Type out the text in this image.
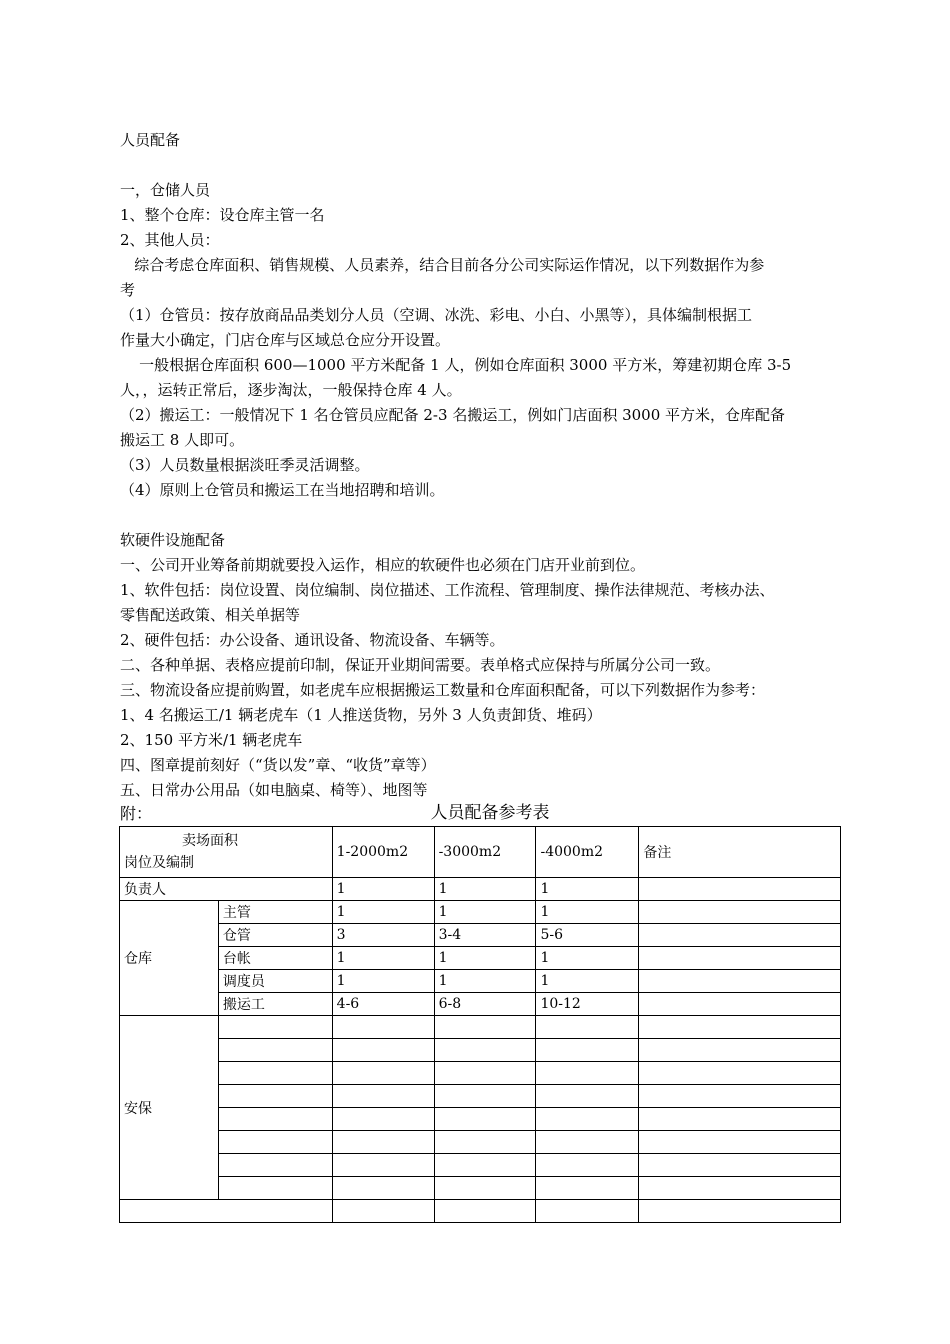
人员配备
一，仓储人员
1、整个仓库：设仓库主管一名
2、其他人员：
综合考虑仓库面积、销售规模、人员素养，结合目前各分公司实际运作情况，以下列数据作为参
考
（1）仓管员：按存放商品品类划分人员（空调、冰洗、彩电、小白、小黑等），具体编制根据工
作量大小确定，门店仓库与区域总仓应分开设置。
一般根据仓库面积 600—1000 平方米配备 1 人，例如仓库面积 3000 平方米，筹建初期仓库 3-5
人，，运转正常后，逐步淘汰，一般保持仓库 4 人。
（2）搬运工：一般情况下 1 名仓管员应配备 2-3 名搬运工，例如门店面积 3000 平方米，仓库配备
搬运工 8 人即可。
（3）人员数量根据淡旺季灵活调整。
（4）原则上仓管员和搬运工在当地招聘和培训。
软硬件设施配备
一、公司开业筹备前期就要投入运作，相应的软硬件也必须在门店开业前到位。
1、软件包括：岗位设置、岗位编制、岗位描述、工作流程、管理制度、操作法律规范、考核办法、
零售配送政策、相关单据等
2、硬件包括：办公设备、通讯设备、物流设备、车辆等。
二、各种单据、表格应提前印制，保证开业期间需要。表单格式应保持与所属分公司一致。
三、物流设备应提前购置，如老虎车应根据搬运工数量和仓库面积配备，可以下列数据作为参考：
1、4 名搬运工/1 辆老虎车（1 人推送货物，另外 3 人负责卸货、堆码）
2、150 平方米/1 辆老虎车
四、图章提前刻好（“货以发”章、“收货”章等）
五、日常办公用品（如电脑桌、椅等）、地图等
附：	人员配备参考表
卖场面积
岗位及编制		1-2000m2	-3000m2	-4000m2	备注
负责人		1	1	1	
仓库	主管	1	1	1	
	仓管	3	3-4	5-6	
	台帐	1	1	1	
	调度员	1	1	1	
	搬运工	4-6	6-8	10-12	
安保					
